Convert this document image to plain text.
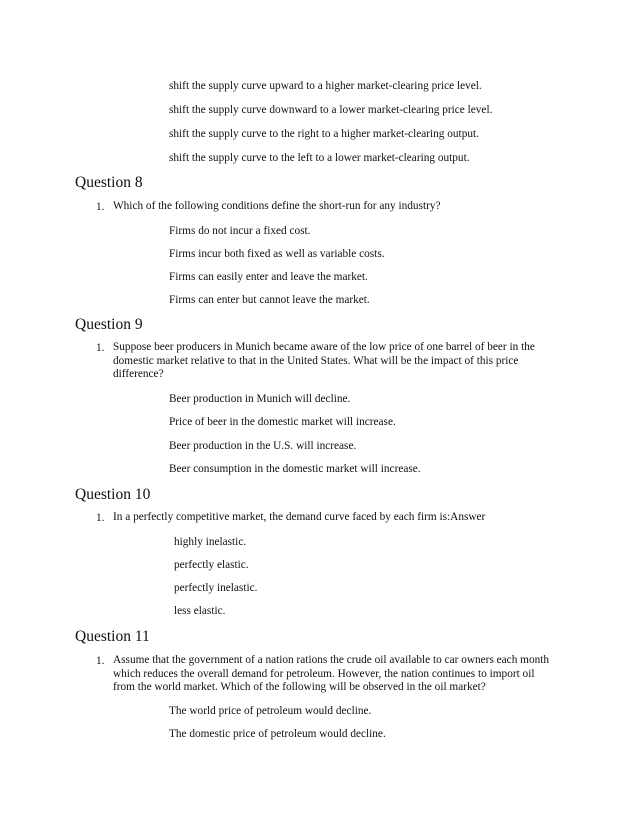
shift the supply curve upward to a higher market-clearing price level.
shift the supply curve downward to a lower market-clearing price level.
shift the supply curve to the right to a higher market-clearing output.
shift the supply curve to the left to a lower market-clearing output.
Question 8
1. Which of the following conditions define the short-run for any industry?
Firms do not incur a fixed cost.
Firms incur both fixed as well as variable costs.
Firms can easily enter and leave the market.
Firms can enter but cannot leave the market.
Question 9
1. Suppose beer producers in Munich became aware of the low price of one barrel of beer in the domestic market relative to that in the United States. What will be the impact of this price difference?
Beer production in Munich will decline.
Price of beer in the domestic market will increase.
Beer production in the U.S. will increase.
Beer consumption in the domestic market will increase.
Question 10
1. In a perfectly competitive market, the demand curve faced by each firm is:Answer
highly inelastic.
perfectly elastic.
perfectly inelastic.
less elastic.
Question 11
1. Assume that the government of a nation rations the crude oil available to car owners each month which reduces the overall demand for petroleum. However, the nation continues to import oil from the world market. Which of the following will be observed in the oil market?
The world price of petroleum would decline.
The domestic price of petroleum would decline.
